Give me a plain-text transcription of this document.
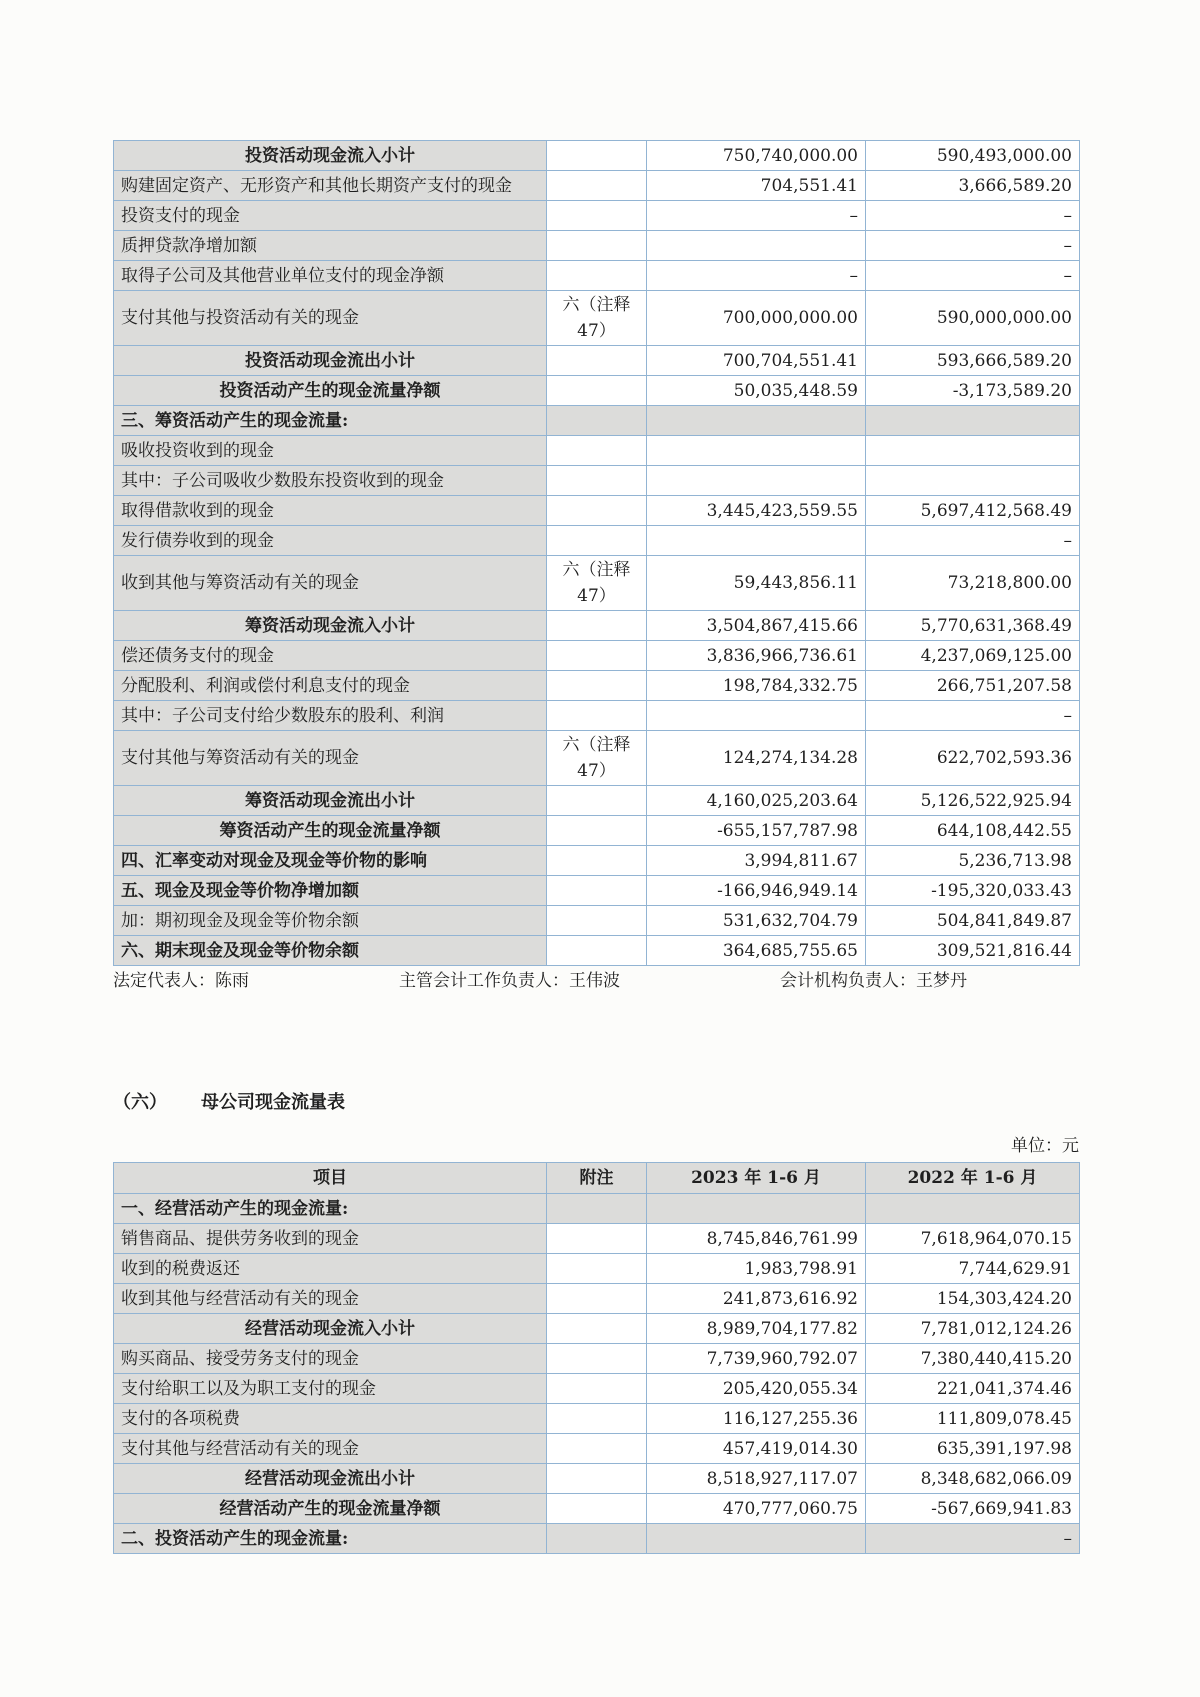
投资活动现金流入小计		750,740,000.00	590,493,000.00
购建固定资产、无形资产和其他长期资产支付的现金		704,551.41	3,666,589.20
投资支付的现金		–	–
质押贷款净增加额			–
取得子公司及其他营业单位支付的现金净额		–	–
支付其他与投资活动有关的现金	六（注释47）	700,000,000.00	590,000,000.00
投资活动现金流出小计		700,704,551.41	593,666,589.20
投资活动产生的现金流量净额		50,035,448.59	-3,173,589.20
三、筹资活动产生的现金流量:			
吸收投资收到的现金			
其中：子公司吸收少数股东投资收到的现金			
取得借款收到的现金		3,445,423,559.55	5,697,412,568.49
发行债券收到的现金			–
收到其他与筹资活动有关的现金	六（注释47）	59,443,856.11	73,218,800.00
筹资活动现金流入小计		3,504,867,415.66	5,770,631,368.49
偿还债务支付的现金		3,836,966,736.61	4,237,069,125.00
分配股利、利润或偿付利息支付的现金		198,784,332.75	266,751,207.58
其中：子公司支付给少数股东的股利、利润			–
支付其他与筹资活动有关的现金	六（注释47）	124,274,134.28	622,702,593.36
筹资活动现金流出小计		4,160,025,203.64	5,126,522,925.94
筹资活动产生的现金流量净额		-655,157,787.98	644,108,442.55
四、汇率变动对现金及现金等价物的影响		3,994,811.67	5,236,713.98
五、现金及现金等价物净增加额		-166,946,949.14	-195,320,033.43
加：期初现金及现金等价物余额		531,632,704.79	504,841,849.87
六、期末现金及现金等价物余额		364,685,755.65	309,521,816.44
法定代表人：陈雨	主管会计工作负责人：王伟波	会计机构负责人：王梦丹
（六） 母公司现金流量表
单位：元
项目	附注	2023 年 1-6 月	2022 年 1-6 月
一、经营活动产生的现金流量:			
销售商品、提供劳务收到的现金		8,745,846,761.99	7,618,964,070.15
收到的税费返还		1,983,798.91	7,744,629.91
收到其他与经营活动有关的现金		241,873,616.92	154,303,424.20
经营活动现金流入小计		8,989,704,177.82	7,781,012,124.26
购买商品、接受劳务支付的现金		7,739,960,792.07	7,380,440,415.20
支付给职工以及为职工支付的现金		205,420,055.34	221,041,374.46
支付的各项税费		116,127,255.36	111,809,078.45
支付其他与经营活动有关的现金		457,419,014.30	635,391,197.98
经营活动现金流出小计		8,518,927,117.07	8,348,682,066.09
经营活动产生的现金流量净额		470,777,060.75	-567,669,941.83
二、投资活动产生的现金流量:			–
